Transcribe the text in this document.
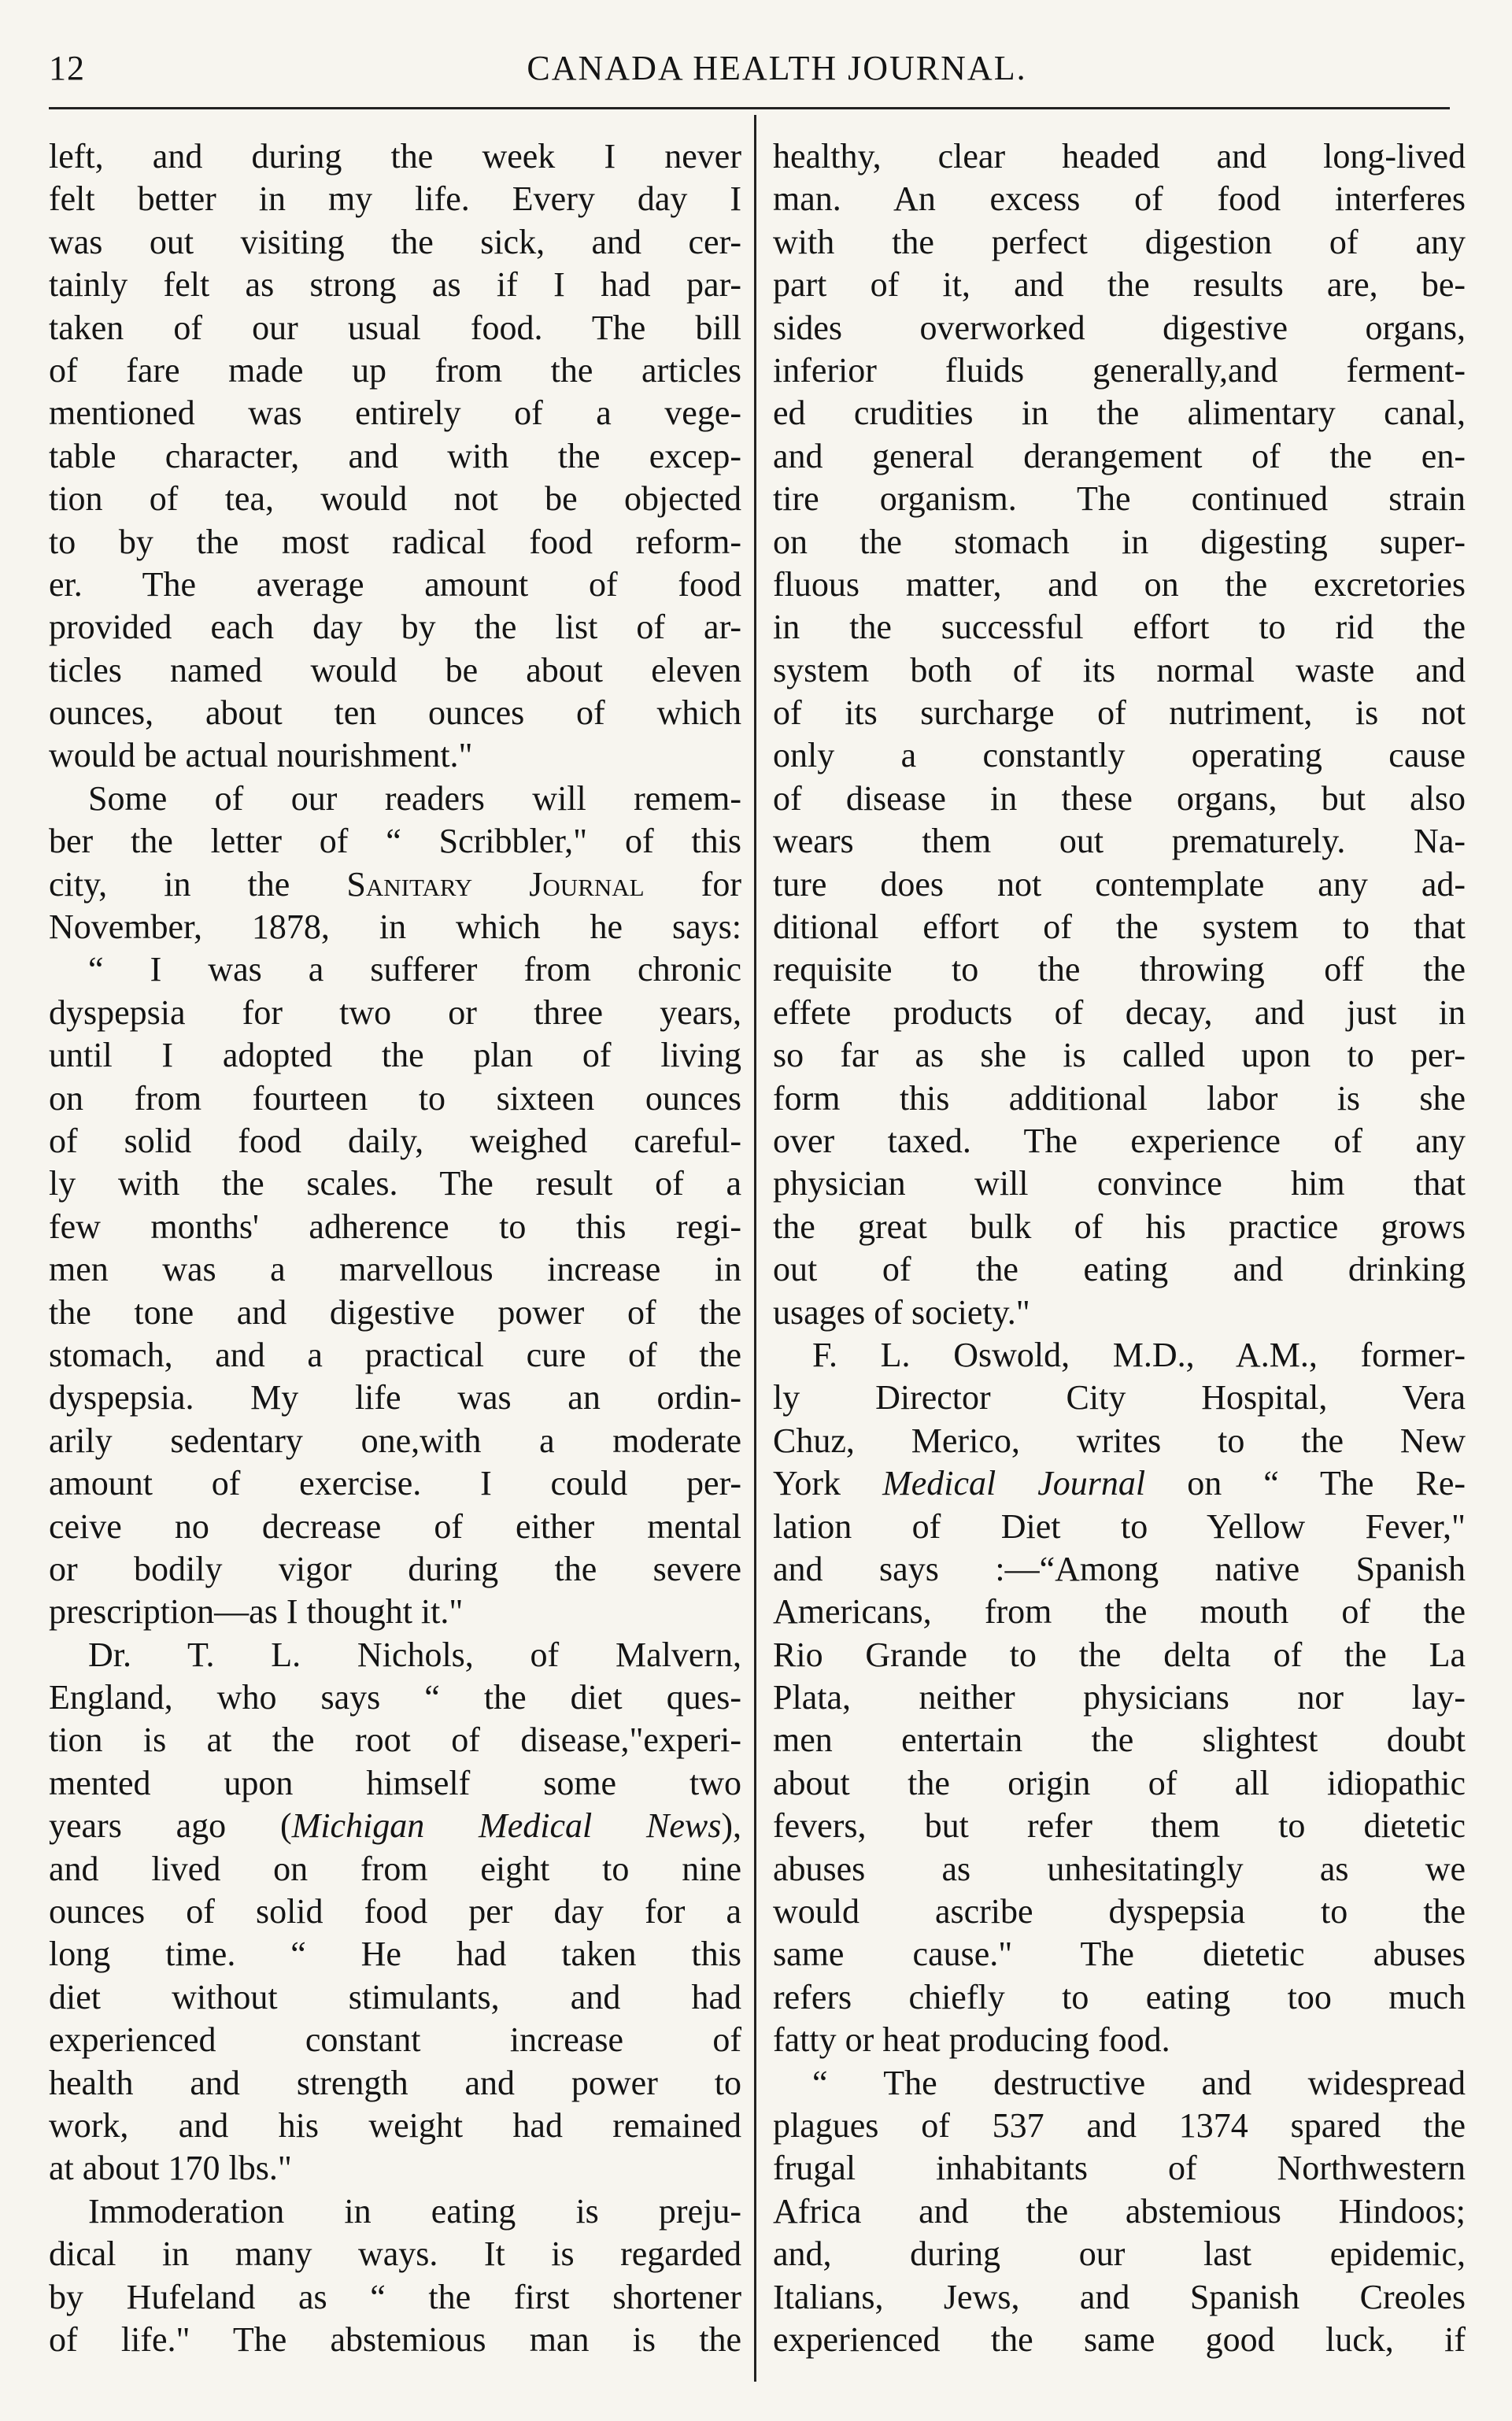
12	CANADA HEALTH JOURNAL.
left, and during the week I never
felt better in my life. Every day I
was out visiting the sick, and cer-
tainly felt as strong as if I had par-
taken of our usual food. The bill
of fare made up from the articles
mentioned was entirely of a vege-
table character, and with the excep-
tion of tea, would not be objected
to by the most radical food reform-
er. The average amount of food
provided each day by the list of ar-
ticles named would be about eleven
ounces, about ten ounces of which
would be actual nourishment."
Some of our readers will remem-
ber the letter of “ Scribbler," of this
city, in the Sanitary Journal for
November, 1878, in which he says:
“ I was a sufferer from chronic
dyspepsia for two or three years,
until I adopted the plan of living
on from fourteen to sixteen ounces
of solid food daily, weighed careful-
ly with the scales. The result of a
few months' adherence to this regi-
men was a marvellous increase in
the tone and digestive power of the
stomach, and a practical cure of the
dyspepsia. My life was an ordin-
arily sedentary one,with a moderate
amount of exercise. I could per-
ceive no decrease of either mental
or bodily vigor during the severe
prescription—as I thought it."
Dr. T. L. Nichols, of Malvern,
England, who says “ the diet ques-
tion is at the root of disease,"experi-
mented upon himself some two
years ago (Michigan Medical News),
and lived on from eight to nine
ounces of solid food per day for a
long time. “ He had taken this
diet without stimulants, and had
experienced constant increase of
health and strength and power to
work, and his weight had remained
at about 170 lbs."
Immoderation in eating is preju-
dical in many ways. It is regarded
by Hufeland as “ the first shortener
of life." The abstemious man is the
healthy, clear headed and long-lived
man. An excess of food interferes
with the perfect digestion of any
part of it, and the results are, be-
sides overworked digestive organs,
inferior fluids generally,and ferment-
ed crudities in the alimentary canal,
and general derangement of the en-
tire organism. The continued strain
on the stomach in digesting super-
fluous matter, and on the excretories
in the successful effort to rid the
system both of its normal waste and
of its surcharge of nutriment, is not
only a constantly operating cause
of disease in these organs, but also
wears them out prematurely. Na-
ture does not contemplate any ad-
ditional effort of the system to that
requisite to the throwing off the
effete products of decay, and just in
so far as she is called upon to per-
form this additional labor is she
over taxed. The experience of any
physician will convince him that
the great bulk of his practice grows
out of the eating and drinking
usages of society."
F. L. Oswold, M.D., A.M., former-
ly Director City Hospital, Vera
Chuz, Merico, writes to the New
York Medical Journal on “ The Re-
lation of Diet to Yellow Fever,"
and says :—“Among native Spanish
Americans, from the mouth of the
Rio Grande to the delta of the La
Plata, neither physicians nor lay-
men entertain the slightest doubt
about the origin of all idiopathic
fevers, but refer them to dietetic
abuses as unhesitatingly as we
would ascribe dyspepsia to the
same cause." The dietetic abuses
refers chiefly to eating too much
fatty or heat producing food.
“ The destructive and widespread
plagues of 537 and 1374 spared the
frugal inhabitants of Northwestern
Africa and the abstemious Hindoos;
and, during our last epidemic,
Italians, Jews, and Spanish Creoles
experienced the same good luck, if
